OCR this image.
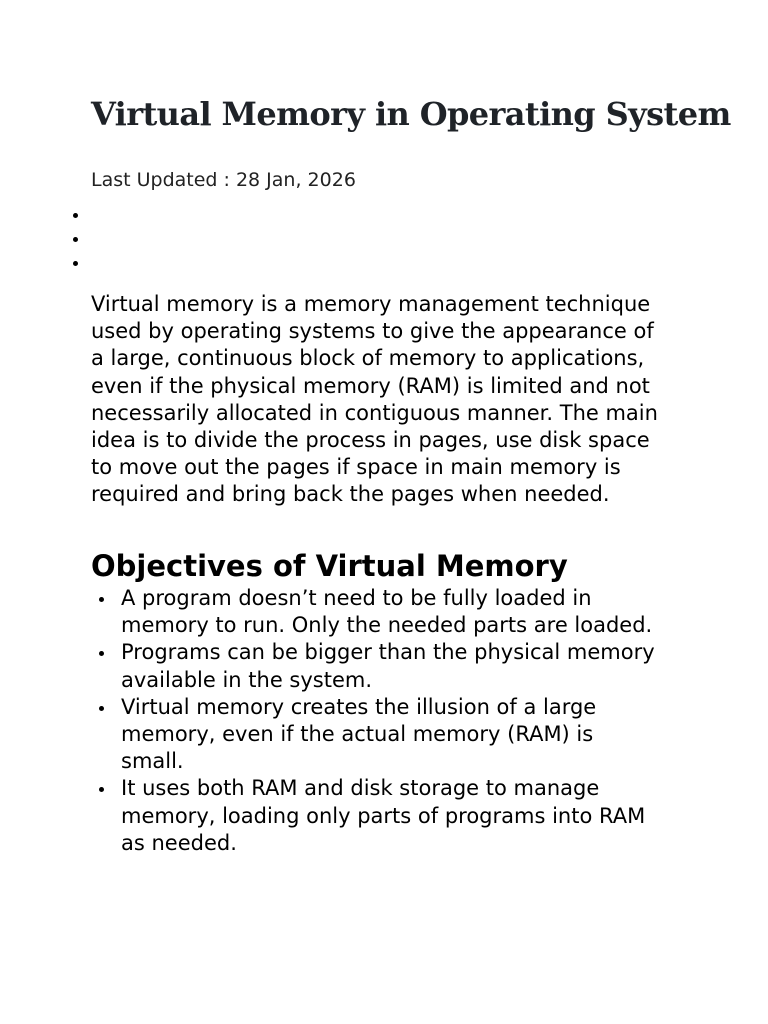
Virtual Memory in Operating System
Last Updated : 28 Jan, 2026

Virtual memory is a memory management technique used by operating systems to give the appearance of a large, continuous block of memory to applications, even if the physical memory (RAM) is limited and not necessarily allocated in contiguous manner. The main idea is to divide the process in pages, use disk space to move out the pages if space in main memory is required and bring back the pages when needed.

Objectives of Virtual Memory
A program doesn’t need to be fully loaded in memory to run. Only the needed parts are loaded.
Programs can be bigger than the physical memory available in the system.
Virtual memory creates the illusion of a large memory, even if the actual memory (RAM) is small.
It uses both RAM and disk storage to manage memory, loading only parts of programs into RAM as needed.
